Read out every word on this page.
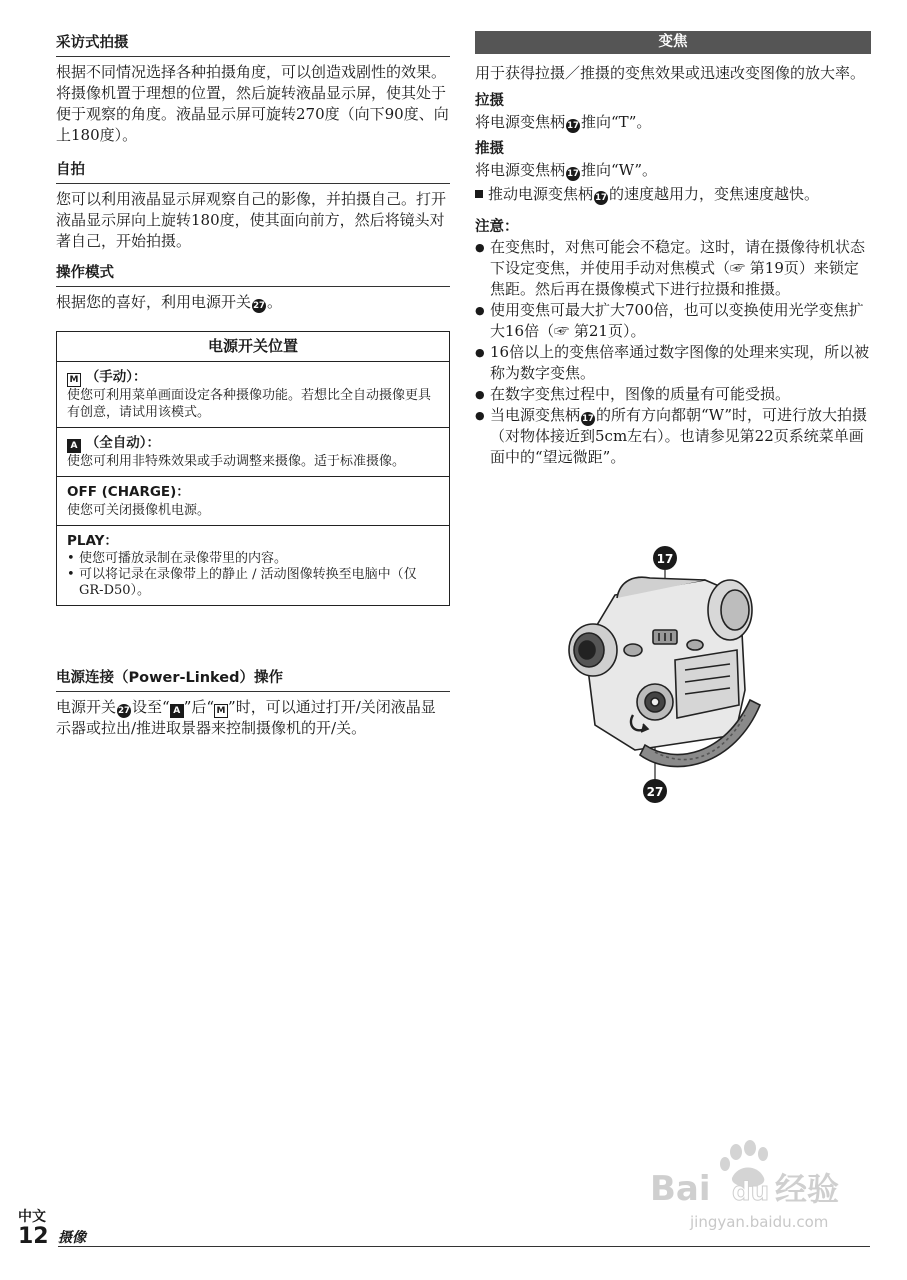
采访式拍摄

根据不同情况选择各种拍摄角度，可以创造戏剧性的效果。将摄像机置于理想的位置，然后旋转液晶显示屏，使其处于便于观察的角度。液晶显示屏可旋转270度（向下90度、向上180度）。

自拍

您可以利用液晶显示屏观察自己的影像，并拍摄自己。打开液晶显示屏向上旋转180度，使其面向前方，然后将镜头对著自己，开始拍摄。

操作模式

根据您的喜好，利用电源开关 27 。

电源开关位置
M （手动）：
使您可利用菜单画面设定各种摄像功能。若想比全自动摄像更具有创意，请试用该模式。
A （全自动）：
使您可利用非特殊效果或手动调整来摄像。适于标准摄像。
OFF (CHARGE)：
使您可关闭摄像机电源。
PLAY：
• 使您可播放录制在录像带里的内容。
• 可以将记录在录像带上的静止 / 活动图像转换至电脑中（仅GR-D50）。
电源连接（Power-Linked）操作

电源开关 27 设至“ A ”后“ M ”时，可以通过打开/关闭液晶显示器或拉出/推进取景器来控制摄像机的开/关。

变焦

用于获得拉摄／推摄的变焦效果或迅速改变图像的放大率。

拉摄

将电源变焦柄 17 推向“T”。

推摄

将电源变焦柄 17 推向“W”。

推动电源变焦柄 17 的速度越用力，变焦速度越快。

注意：
● 在变焦时，对焦可能会不稳定。这时，请在摄像待机状态下设定变焦，并使用手动对焦模式（☞ 第19页）来锁定焦距。然后再在摄像模式下进行拉摄和推摄。
● 使用变焦可最大扩大700倍，也可以变换使用光学变焦扩大16倍（☞ 第21页）。
● 16倍以上的变焦倍率通过数字图像的处理来实现，所以被称为数字变焦。
● 在数字变焦过程中，图像的质量有可能受损。
● 当电源变焦柄 17 的所有方向都朝“W”时，可进行放大拍摄（对物体接近到5cm左右）。也请参见第22页系统菜单画面中的“望远微距”。
17
27
Bai du 经验
jingyan.baidu.com
中文
12 摄像
